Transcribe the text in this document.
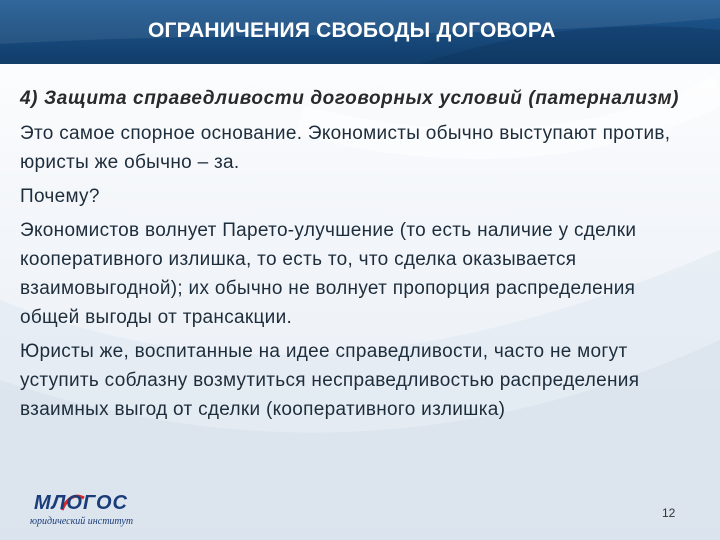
ОГРАНИЧЕНИЯ СВОБОДЫ ДОГОВОРА

4) Защита справедливости договорных условий (патернализм)

Это самое спорное основание. Экономисты обычно выступают против, юристы же обычно – за.

Почему?

Экономистов волнует Парето-улучшение (то есть наличие у сделки кооперативного излишка, то есть то, что сделка оказывается взаимовыгодной); их обычно не волнует пропорция распределения общей выгоды от трансакции.

Юристы же, воспитанные на идее справедливости, часто не могут уступить соблазну возмутиться несправедливостью распределения взаимных выгод от сделки (кооперативного излишка)

МЛОГОС
юридический институт
12
